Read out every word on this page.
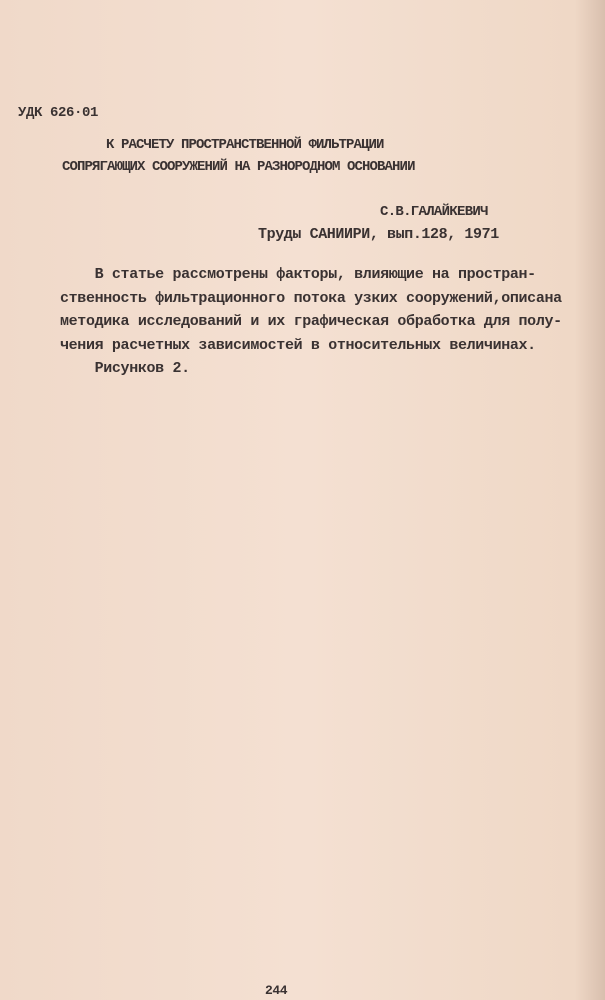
УДК 626·01
К РАСЧЕТУ ПРОСТРАНСТВЕННОЙ ФИЛЬТРАЦИИ
СОПРЯГАЮЩИХ СООРУЖЕНИЙ НА РАЗНОРОДНОМ ОСНОВАНИИ
С.В.ГАЛАЙКЕВИЧ
Труды САНИИРИ, вып.128, 1971
В статье рассмотрены факторы, влияющие на простран-
ственность фильтрационного потока узких сооружений,описана
методика исследований и их графическая обработка для полу-
чения расчетных зависимостей в относительных величинах.
Рисунков 2.
244
